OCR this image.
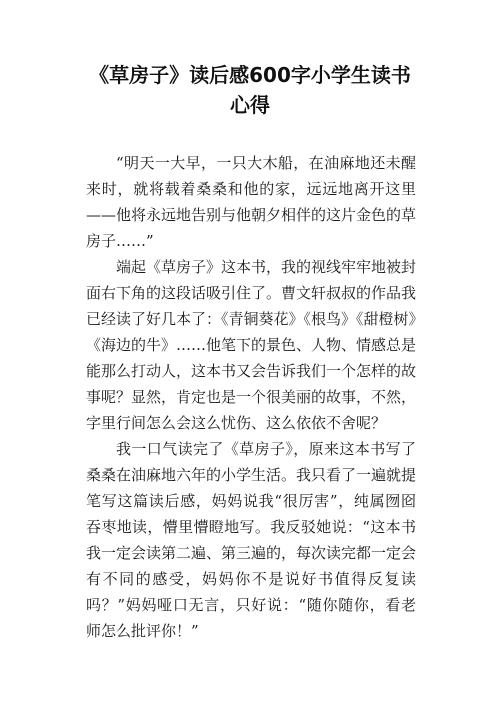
《草房子》读后感600字小学生读书
心得

“明天一大早，一只大木船，在油麻地还未醒来时，就将载着桑桑和他的家，远远地离开这里——他将永远地告别与他朝夕相伴的这片金色的草房子……”

端起《草房子》这本书，我的视线牢牢地被封面右下角的这段话吸引住了。曹文轩叔叔的作品我已经读了好几本了：《青铜葵花》《根鸟》《甜橙树》《海边的牛》……他笔下的景色、人物、情感总是能那么打动人，这本书又会告诉我们一个怎样的故事呢？显然，肯定也是一个很美丽的故事，不然，字里行间怎么会这么忧伤、这么依依不舍呢？

我一口气读完了《草房子》，原来这本书写了桑桑在油麻地六年的小学生活。我只看了一遍就提笔写这篇读后感，妈妈说我“很厉害”，纯属囫囵吞枣地读，懵里懵瞪地写。我反驳她说：“这本书我一定会读第二遍、第三遍的，每次读完都一定会有不同的感受，妈妈你不是说好书值得反复读吗？”妈妈哑口无言，只好说：“随你随你，看老师怎么批评你！”
